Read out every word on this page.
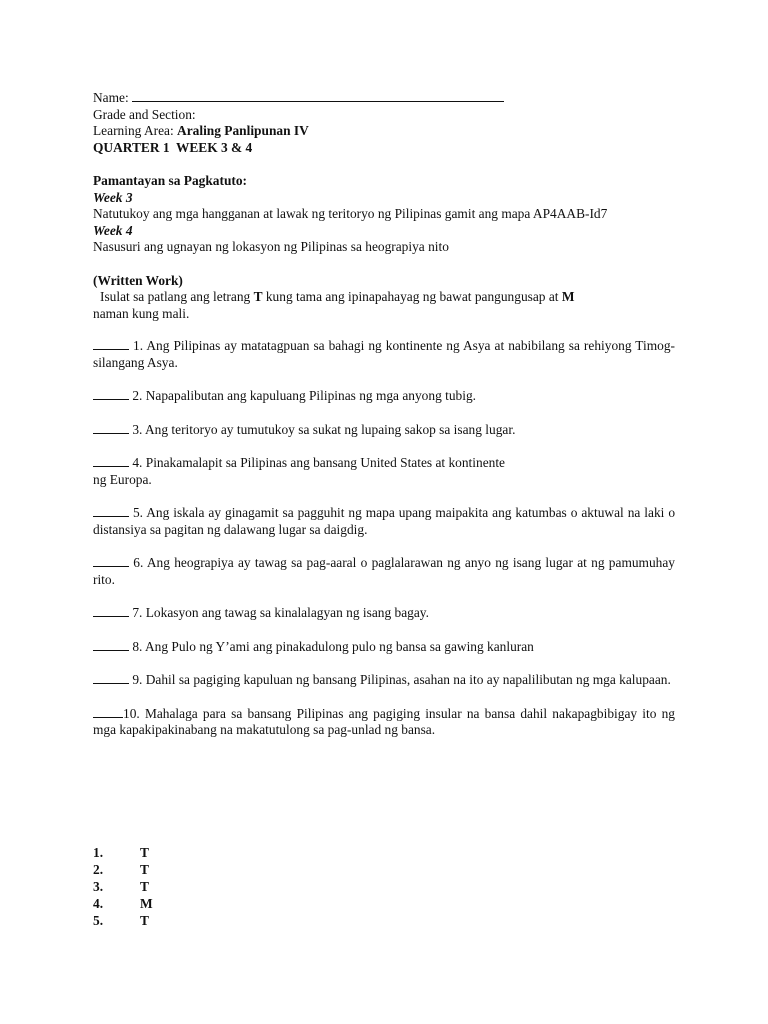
Name:
Grade and Section:
Learning Area: Araling Panlipunan IV
QUARTER 1  WEEK 3 & 4
Pamantayan sa Pagkatuto:
Week 3
Natutukoy ang mga hangganan at lawak ng teritoryo ng Pilipinas gamit ang mapa AP4AAB-Id7
Week 4
Nasusuri ang ugnayan ng lokasyon ng Pilipinas sa heograpiya nito
(Written Work)
Isulat sa patlang ang letrang T kung tama ang ipinapahayag ng bawat pangungusap at M
naman kung mali.
1. Ang Pilipinas ay matatagpuan sa bahagi ng kontinente ng Asya at nabibilang sa rehiyong Timog-silangang Asya.
2. Napapalibutan ang kapuluang Pilipinas ng mga anyong tubig.
3. Ang teritoryo ay tumutukoy sa sukat ng lupaing sakop sa isang lugar.
4. Pinakamalapit sa Pilipinas ang bansang United States at kontinente
ng Europa.
5. Ang iskala ay ginagamit sa pagguhit ng mapa upang maipakita ang katumbas o aktuwal na laki o distansiya sa pagitan ng dalawang lugar sa daigdig.
6. Ang heograpiya ay tawag sa pag-aaral o paglalarawan ng anyo ng isang lugar at ng pamumuhay rito.
7. Lokasyon ang tawag sa kinalalagyan ng isang bagay.
8. Ang Pulo ng Y’ami ang pinakadulong pulo ng bansa sa gawing kanluran
9. Dahil sa pagiging kapuluan ng bansang Pilipinas, asahan na ito ay napalilibutan ng mga kalupaan.
10. Mahalaga para sa bansang Pilipinas ang pagiging insular na bansa dahil nakapagbibigay ito ng mga kapakipakinabang na makatutulong sa pag-unlad ng bansa.
1.	T
2.	T
3.	T
4.	M
5.	T
